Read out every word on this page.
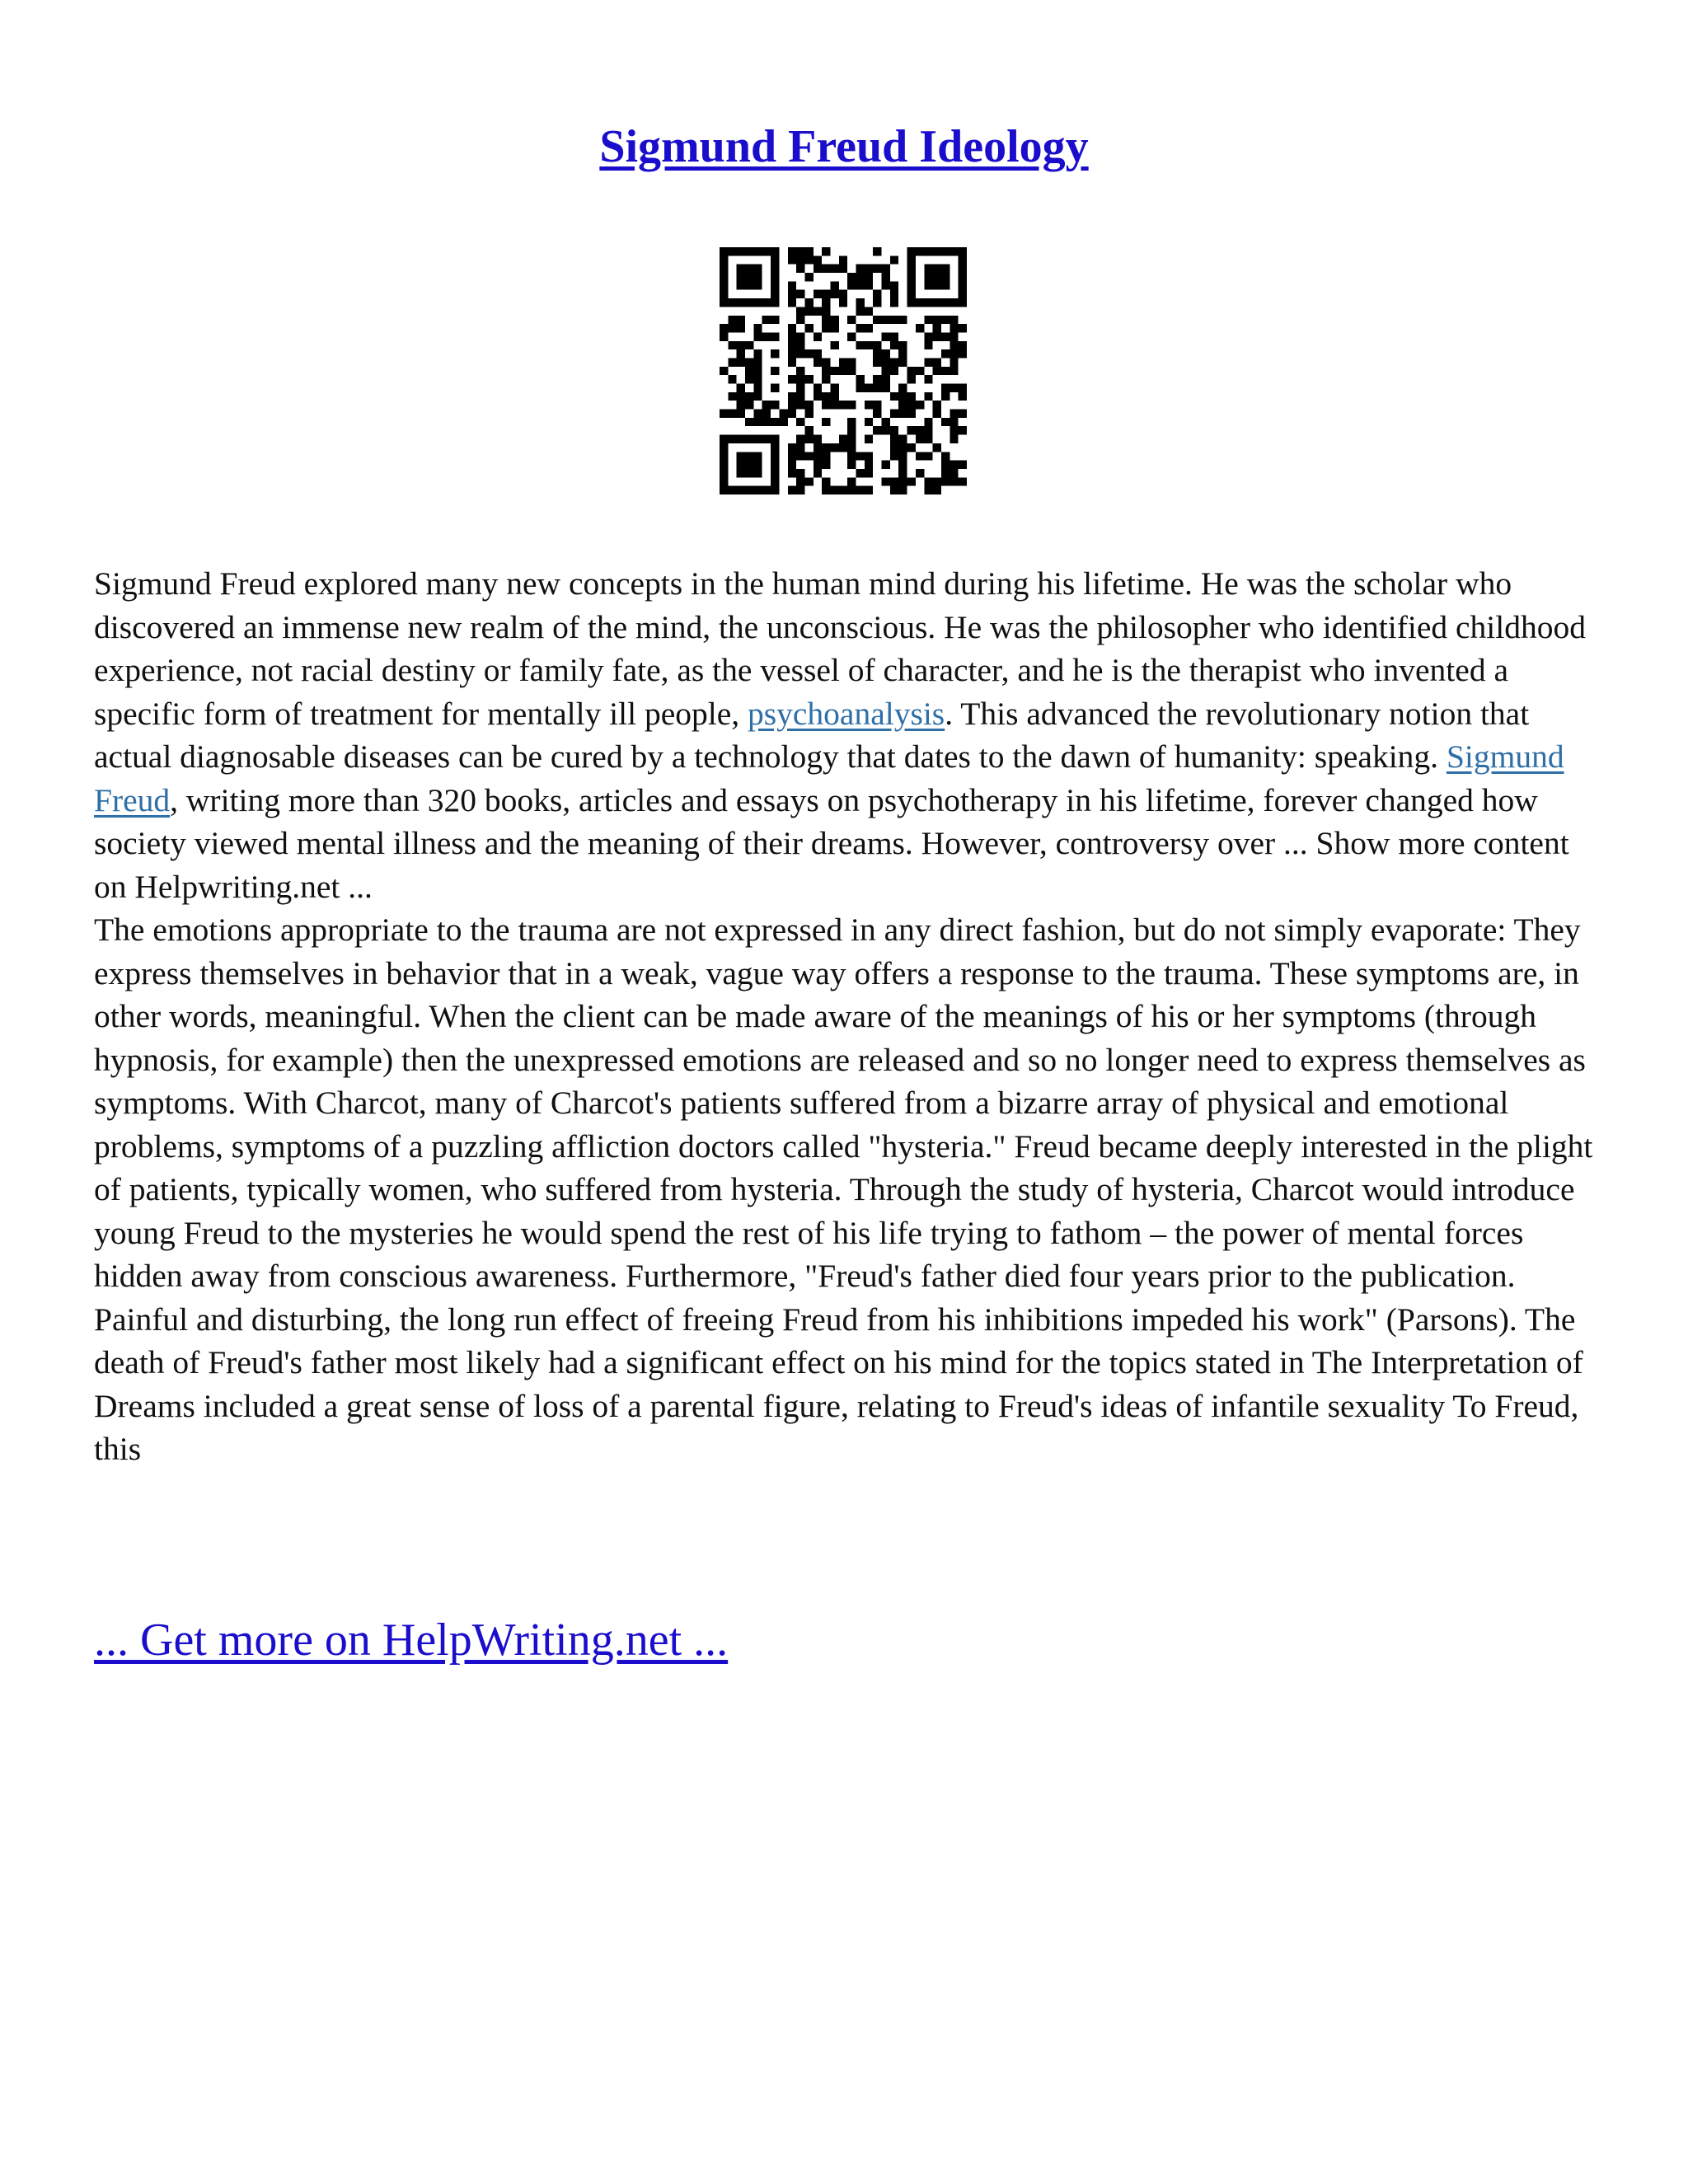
Sigmund Freud Ideology

Sigmund Freud explored many new concepts in the human mind during his lifetime. He was the scholar who discovered an immense new realm of the mind, the unconscious. He was the philosopher who identified childhood experience, not racial destiny or family fate, as the vessel of character, and he is the therapist who invented a specific form of treatment for mentally ill people, psychoanalysis. This advanced the revolutionary notion that actual diagnosable diseases can be cured by a technology that dates to the dawn of humanity: speaking. Sigmund Freud, writing more than 320 books, articles and essays on psychotherapy in his lifetime, forever changed how society viewed mental illness and the meaning of their dreams. However, controversy over ... Show more content on Helpwriting.net ...

The emotions appropriate to the trauma are not expressed in any direct fashion, but do not simply evaporate: They express themselves in behavior that in a weak, vague way offers a response to the trauma. These symptoms are, in other words, meaningful. When the client can be made aware of the meanings of his or her symptoms (through hypnosis, for example) then the unexpressed emotions are released and so no longer need to express themselves as symptoms. With Charcot, many of Charcot's patients suffered from a bizarre array of physical and emotional problems, symptoms of a puzzling affliction doctors called "hysteria." Freud became deeply interested in the plight of patients, typically women, who suffered from hysteria. Through the study of hysteria, Charcot would introduce young Freud to the mysteries he would spend the rest of his life trying to fathom – the power of mental forces hidden away from conscious awareness. Furthermore, "Freud's father died four years prior to the publication. Painful and disturbing, the long run effect of freeing Freud from his inhibitions impeded his work" (Parsons). The death of Freud's father most likely had a significant effect on his mind for the topics stated in The Interpretation of Dreams included a great sense of loss of a parental figure, relating to Freud's ideas of infantile sexuality To Freud, this

... Get more on HelpWriting.net ...
